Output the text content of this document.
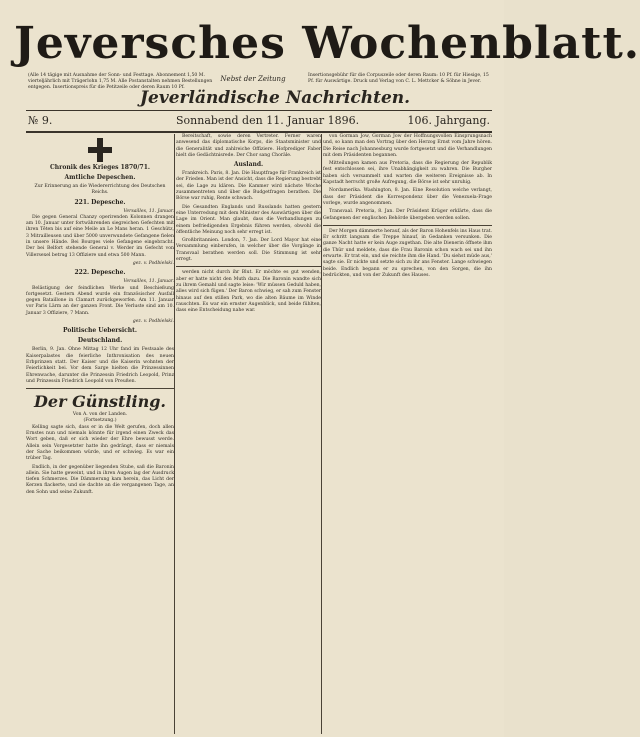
Jeversches Wochenblatt.
(Alle 14 tägige mit Ausnahme der Sonn- und Festtage. Abonnement 1,50 M. vierteljährlich mit Trägerlohn 1,75 M. Alle Postanstalten nehmen Bestellungen entgegen. Insertionspreis für die Petitzeile oder deren Raum 10 Pf.
Nebst der Zeitung	Insertionsgebühr für die Corpuszeile oder deren Raum: 10 Pf. für Hiesige, 15 Pf. für Auswärtige. Druck und Verlag von C. L. Mettcker & Söhne in Jever.
Jeverländische Nachrichten.
№ 9.	Sonnabend den 11. Januar 1896.	106. Jahrgang.
Chronik des Krieges 1870/71.
Amtliche Depeschen.
Zur Erinnerung an die Wiedererrichtung des Deutschen Reichs.
221. Depesche.
Versailles, 11. Januar.

Die gegen General Chanzy operirenden Kolonnen drangen am 10. Januar unter fortwährenden siegreichen Gefechten mit ihren Têten bis auf eine Meile an Le Mans heran. 1 Geschütz, 3 Mitrailleusen und über 5000 unverwundete Gefangene fielen in unsere Hände. Bei Bourges viele Gefangene eingebracht. Der bei Belfort stehende General v. Werder im Gefecht von Villersexel betrug 13 Offiziere und etwa 500 Mann.

gez. v. Podbielski.
222. Depesche.
Versailles, 11. Januar.

Belästigung der feindlichen Werke und Beschießung fortgesetzt. Gestern Abend wurde ein französischer Ausfall gegen Bataillone in Clamart zurückgeworfen. Am 11. Januar vor Paris Lärm an der ganzen Front. Die Verluste sind am 10. Januar 3 Offiziere, 7 Mann.

gez. v. Podbielski.
Politische Uebersicht.
Deutschland.

Berlin, 9. Jan. Ohne Mittag 12 Uhr fand im Festsaale des Kaiserpalastes die feierliche Inthronisation des neuen Erbprinzen statt. Der Kaiser und die Kaiserin wohnten der Feierlichkeit bei. Vor dem Sarge hielten die Prinzessinnen Ehrenwache, darunter die Prinzessin Friedrich Leopold, Prinz und Prinzessin Friedrich Leopold von Preußen.

Der Günstling.
Von A. von der Landen.
(Fortsetzung.)

Kelling sagte sich, dass er in die Welt gerufen, doch allen Ernstes nun und niemals könnte für irgend einen Zweck das Wort geben, daß er sich wieder der Ehre bewusst werde. Allein sein Vorgesetzter hatte ihn gedrängt, dass er niemals der Sache beikommen würde, und er schwieg. Es war ein trüber Tag.

Endlich, in der gegenüber liegenden Stube, saß die Baronin allein. Sie hatte geweint, und in ihren Augen lag der Ausdruck tiefen Schmerzes. Die Dämmerung kam herein, das Licht der Kerzen flackerte, und sie dachte an die vergangenen Tage, an den Sohn und seine Zukunft.

Bereitschaft, sowie deren Vertreter. Ferner waren anwesend das diplomatische Korps, die Staatsminister und die Generalität und zahlreiche Offiziere. Hofprediger Faber hielt die Gedächtnisrede. Der Chor sang Choräle.

Ausland.

Frankreich. Paris, 8. Jan. Die Hauptfrage für Frankreich ist der Frieden. Man ist der Ansicht, dass die Regierung bestrebt sei, die Lage zu klären. Die Kammer wird nächste Woche zusammentreten und über die Budgetfragen berathen. Die Börse war ruhig, Rente schwach.

Die Gesandten Englands und Russlands hatten gestern eine Unterredung mit dem Minister des Auswärtigen über die Lage im Orient. Man glaubt, dass die Verhandlungen zu einem befriedigenden Ergebnis führen werden, obwohl die öffentliche Meinung noch sehr erregt ist.

Großbritannien. London, 7. Jan. Der Lord Mayor hat eine Versammlung einberufen, in welcher über die Vorgänge in Transvaal berathen werden soll. Die Stimmung ist sehr erregt.

werden nicht durch ihr Blut. Er möchte es gut wenden, aber er hatte nicht den Muth dazu. Die Baronin wandte sich zu ihrem Gemahl und sagte leise: 'Wir müssen Geduld haben, alles wird sich fügen.' Der Baron schwieg, er sah zum Fenster hinaus auf den stillen Park, wo die alten Bäume im Winde rauschten. Es war ein ernster Augenblick, und beide fühlten, dass eine Entscheidung nahe war.

von Gorman Jow, Gorman Jow der Hoffnungsvollen Einsprungsnach und, so kann man den Vortrag über den Herzog Ernst vom Jahre hören. Die Reise nach Johannesburg wurde fortgesetzt und die Verhandlungen mit dem Präsidenten begannen.

Mitteilungen kamen aus Pretoria, dass die Regierung der Republik fest entschlossen sei, ihre Unabhängigkeit zu wahren. Die Burgher haben sich versammelt und warten die weiteren Ereignisse ab. In Kapstadt herrscht große Aufregung, die Börse ist sehr unruhig.

Nordamerika. Washington, 8. Jan. Eine Resolution welche verlangt, dass der Präsident die Korrespondenz über die Venezuela-Frage vorlege, wurde angenommen.

Transvaal. Pretoria, 8. Jan. Der Präsident Krüger erklärte, dass die Gefangenen der englischen Behörde übergeben werden sollen.

Der Morgen dämmerte herauf, als der Baron Hohenfels ins Haus trat. Er schritt langsam die Treppe hinauf, in Gedanken versunken. Die ganze Nacht hatte er kein Auge zugethan. Die alte Dienerin öffnete ihm die Thür und meldete, dass die Frau Baronin schon wach sei und ihn erwarte. Er trat ein, und sie reichte ihm die Hand. 'Du siehst müde aus,' sagte sie. Er nickte und setzte sich zu ihr ans Fenster. Lange schwiegen beide. Endlich begann er zu sprechen, von den Sorgen, die ihn bedrückten, und von der Zukunft des Hauses.
